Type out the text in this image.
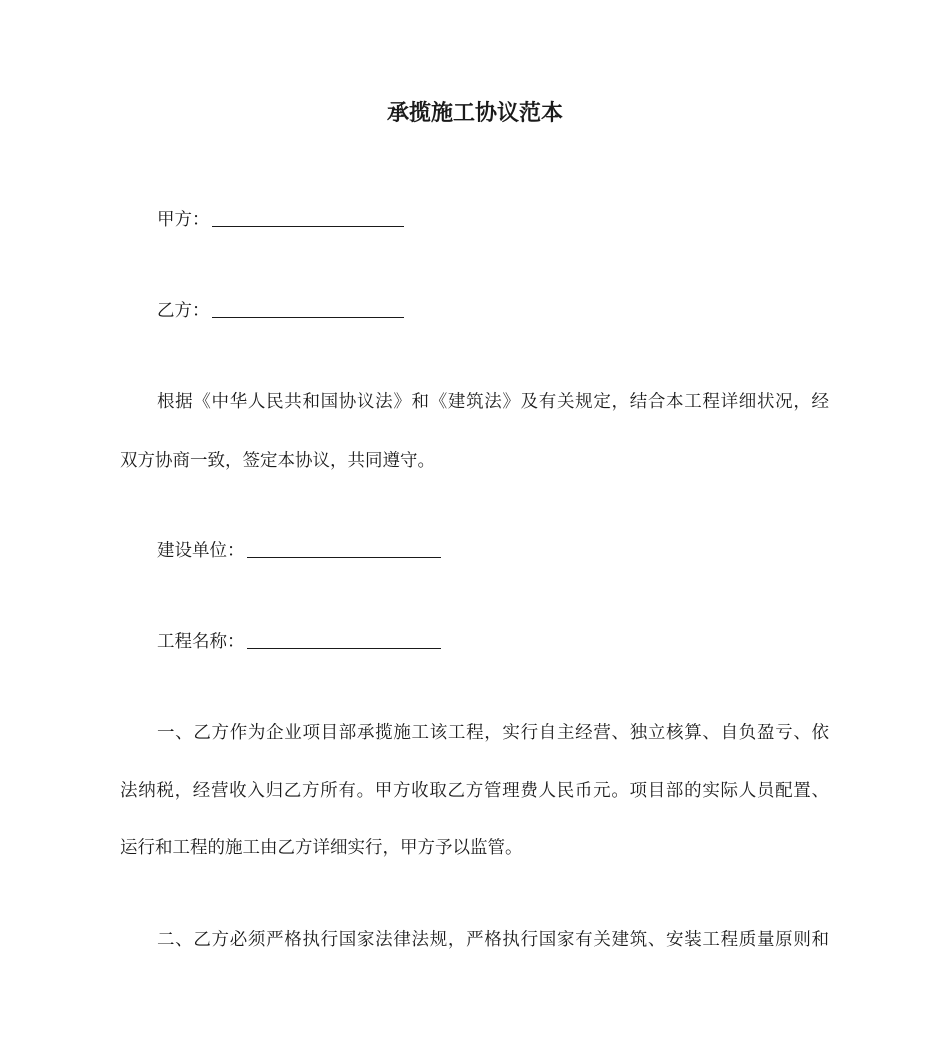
承揽施工协议范本
甲方：
乙方：
根据《中华人民共和国协议法》和《建筑法》及有关规定，结合本工程详细状况，经
双方协商一致，签定本协议，共同遵守。
建设单位：
工程名称：
一、乙方作为企业项目部承揽施工该工程，实行自主经营、独立核算、自负盈亏、依
法纳税，经营收入归乙方所有。甲方收取乙方管理费人民币元。项目部的实际人员配置、
运行和工程的施工由乙方详细实行，甲方予以监管。
二、乙方必须严格执行国家法律法规，严格执行国家有关建筑、安装工程质量原则和
